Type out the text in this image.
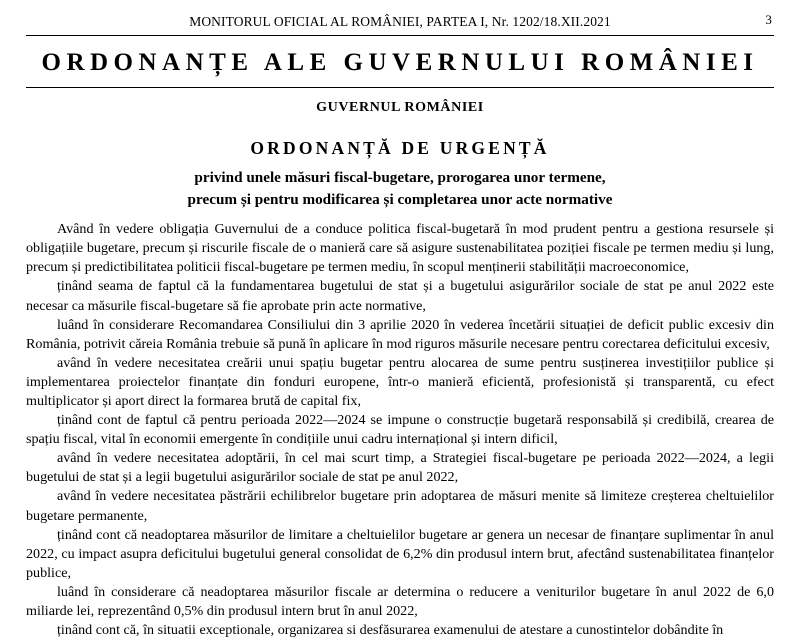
MONITORUL OFICIAL AL ROMÂNIEI, PARTEA I, Nr. 1202/18.XII.2021	3
ORDONANȚE ALE GUVERNULUI ROMÂNIEI
GUVERNUL ROMÂNIEI
ORDONANȚĂ DE URGENȚĂ
privind unele măsuri fiscal-bugetare, prorogarea unor termene,
precum și pentru modificarea și completarea unor acte normative

Având în vedere obligația Guvernului de a conduce politica fiscal-bugetară în mod prudent pentru a gestiona resursele și obligațiile bugetare, precum și riscurile fiscale de o manieră care să asigure sustenabilitatea poziției fiscale pe termen mediu și lung, precum și predictibilitatea politicii fiscal-bugetare pe termen mediu, în scopul menținerii stabilității macroeconomice,

ținând seama de faptul că la fundamentarea bugetului de stat și a bugetului asigurărilor sociale de stat pe anul 2022 este necesar ca măsurile fiscal-bugetare să fie aprobate prin acte normative,

luând în considerare Recomandarea Consiliului din 3 aprilie 2020 în vederea încetării situației de deficit public excesiv din România, potrivit căreia România trebuie să pună în aplicare în mod riguros măsurile necesare pentru corectarea deficitului excesiv,

având în vedere necesitatea creării unui spațiu bugetar pentru alocarea de sume pentru susținerea investițiilor publice și implementarea proiectelor finanțate din fonduri europene, într-o manieră eficientă, profesionistă și transparentă, cu efect multiplicator și aport direct la formarea brută de capital fix,

ținând cont de faptul că pentru perioada 2022—2024 se impune o construcție bugetară responsabilă și credibilă, crearea de spațiu fiscal, vital în economii emergente în condițiile unui cadru internațional și intern dificil,

având în vedere necesitatea adoptării, în cel mai scurt timp, a Strategiei fiscal-bugetare pe perioada 2022—2024, a legii bugetului de stat și a legii bugetului asigurărilor sociale de stat pe anul 2022,

având în vedere necesitatea păstrării echilibrelor bugetare prin adoptarea de măsuri menite să limiteze creșterea cheltuielilor bugetare permanente,

ținând cont că neadoptarea măsurilor de limitare a cheltuielilor bugetare ar genera un necesar de finanțare suplimentar în anul 2022, cu impact asupra deficitului bugetului general consolidat de 6,2% din produsul intern brut, afectând sustenabilitatea finanțelor publice,

luând în considerare că neadoptarea măsurilor fiscale ar determina o reducere a veniturilor bugetare în anul 2022 de 6,0 miliarde lei, reprezentând 0,5% din produsul intern brut în anul 2022,

ținând cont că, în situatii exceptionale, organizarea si desfăsurarea examenului de atestare a cunostintelor dobândite în
